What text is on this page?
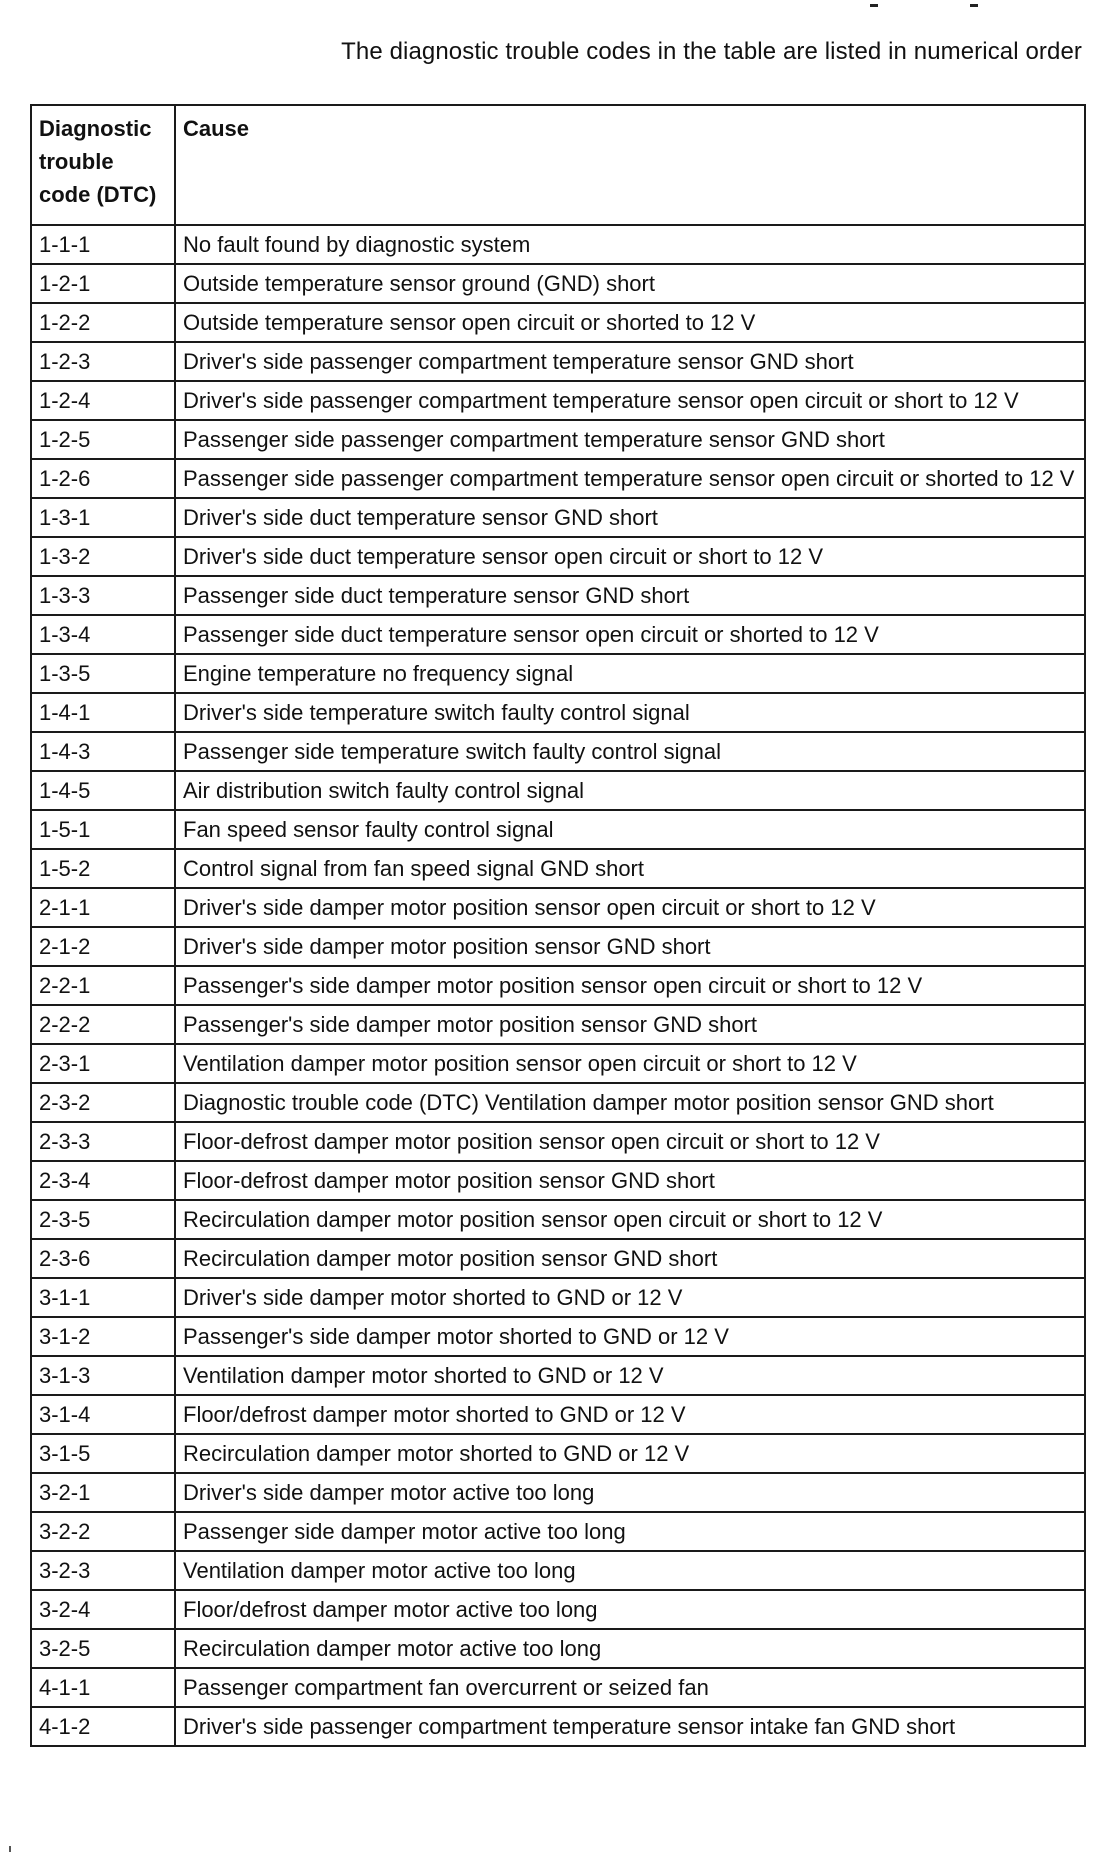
The diagnostic trouble codes in the table are listed in numerical order
Diagnostic trouble code (DTC)	Cause
1-1-1	No fault found by diagnostic system
1-2-1	Outside temperature sensor ground (GND) short
1-2-2	Outside temperature sensor open circuit or shorted to 12 V
1-2-3	Driver's side passenger compartment temperature sensor GND short
1-2-4	Driver's side passenger compartment temperature sensor open circuit or short to 12 V
1-2-5	Passenger side passenger compartment temperature sensor GND short
1-2-6	Passenger side passenger compartment temperature sensor open circuit or shorted to 12 V
1-3-1	Driver's side duct temperature sensor GND short
1-3-2	Driver's side duct temperature sensor open circuit or short to 12 V
1-3-3	Passenger side duct temperature sensor GND short
1-3-4	Passenger side duct temperature sensor open circuit or shorted to 12 V
1-3-5	Engine temperature no frequency signal
1-4-1	Driver's side temperature switch faulty control signal
1-4-3	Passenger side temperature switch faulty control signal
1-4-5	Air distribution switch faulty control signal
1-5-1	Fan speed sensor faulty control signal
1-5-2	Control signal from fan speed signal GND short
2-1-1	Driver's side damper motor position sensor open circuit or short to 12 V
2-1-2	Driver's side damper motor position sensor GND short
2-2-1	Passenger's side damper motor position sensor open circuit or short to 12 V
2-2-2	Passenger's side damper motor position sensor GND short
2-3-1	Ventilation damper motor position sensor open circuit or short to 12 V
2-3-2	Diagnostic trouble code (DTC) Ventilation damper motor position sensor GND short
2-3-3	Floor-defrost damper motor position sensor open circuit or short to 12 V
2-3-4	Floor-defrost damper motor position sensor GND short
2-3-5	Recirculation damper motor position sensor open circuit or short to 12 V
2-3-6	Recirculation damper motor position sensor GND short
3-1-1	Driver's side damper motor shorted to GND or 12 V
3-1-2	Passenger's side damper motor shorted to GND or 12 V
3-1-3	Ventilation damper motor shorted to GND or 12 V
3-1-4	Floor/defrost damper motor shorted to GND or 12 V
3-1-5	Recirculation damper motor shorted to GND or 12 V
3-2-1	Driver's side damper motor active too long
3-2-2	Passenger side damper motor active too long
3-2-3	Ventilation damper motor active too long
3-2-4	Floor/defrost damper motor active too long
3-2-5	Recirculation damper motor active too long
4-1-1	Passenger compartment fan overcurrent or seized fan
4-1-2	Driver's side passenger compartment temperature sensor intake fan GND short
